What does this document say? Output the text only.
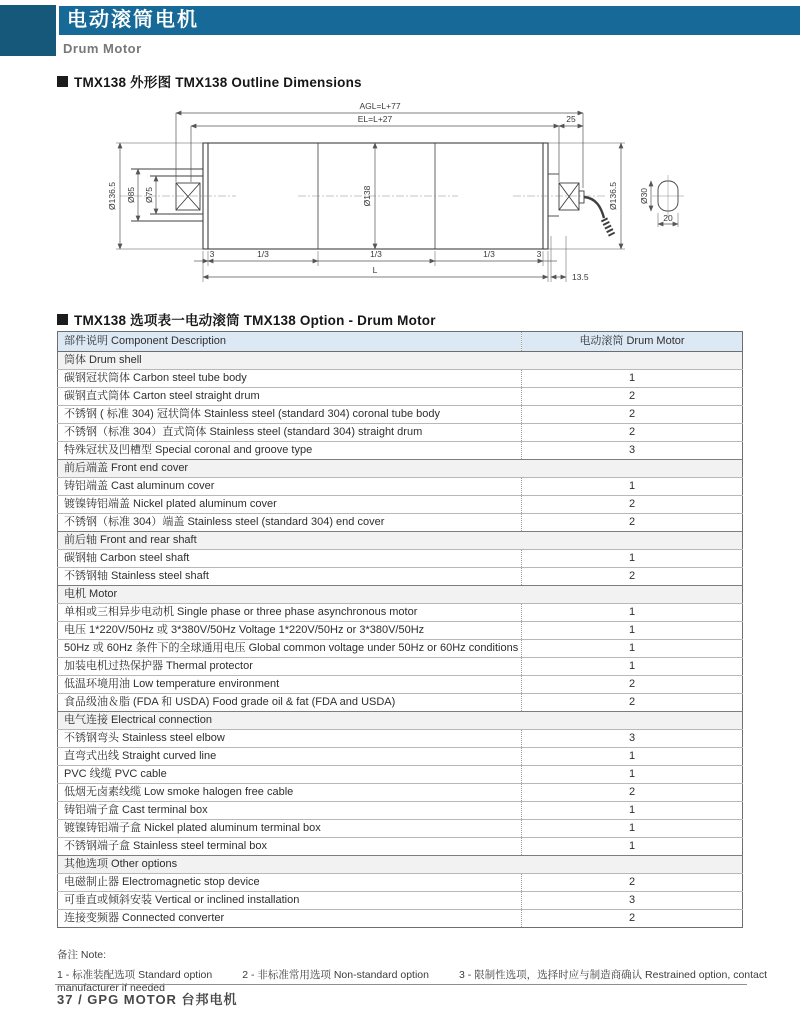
电动滚筒电机
Drum Motor
TMX138 外形图 TMX138 Outline Dimensions
AGL=L+77
EL=L+27	25
Ø136.5 Ø85 Ø75	Ø138	Ø136.5
3	1/3	1/3	1/3	3
L
13.5
Ø30
20
TMX138 选项表一电动滚筒 TMX138 Option - Drum Motor
部件说明 Component Description	电动滚筒 Drum Motor
筒体 Drum shell	
碳钢冠状筒体 Carbon steel tube body	1
碳钢直式筒体 Carton steel straight drum	2
不锈钢 ( 标准 304) 冠状筒体 Stainless steel (standard 304) coronal tube body	2
不锈钢（标准 304）直式筒体 Stainless steel (standard 304) straight drum	2
特殊冠状及凹槽型 Special coronal and groove type	3
前后端盖 Front end cover	
铸铝端盖 Cast aluminum cover	1
镀镍铸铝端盖 Nickel plated aluminum cover	2
不锈钢（标准 304）端盖 Stainless steel (standard 304) end cover	2
前后轴 Front and rear shaft	
碳钢轴 Carbon steel shaft	1
不锈钢轴 Stainless steel shaft	2
电机 Motor	
单相或三相异步电动机 Single phase or three phase asynchronous motor	1
电压 1*220V/50Hz 或 3*380V/50Hz Voltage 1*220V/50Hz or 3*380V/50Hz	1
50Hz 或 60Hz 条件下的全球通用电压 Global common voltage under 50Hz or 60Hz conditions	1
加装电机过热保护器 Thermal protector	1
低温环境用油 Low temperature environment	2
食品级油＆脂 (FDA 和 USDA) Food grade oil & fat (FDA and USDA)	2
电气连接 Electrical connection	
不锈钢弯头 Stainless steel elbow	3
直弯式出线 Straight curved line	1
PVC 线缆 PVC cable	1
低烟无卤素线缆 Low smoke halogen free cable	2
铸铝端子盒 Cast terminal box	1
镀镍铸铝端子盒 Nickel plated aluminum terminal box	1
不锈钢端子盒 Stainless steel terminal box	1
其他选项 Other options	
电磁制止器 Electromagnetic stop device	2
可垂直或倾斜安装 Vertical or inclined installation	3
连接变频器 Connected converter	2
备注 Note:
1 - 标准装配选项 Standard option	2 - 非标准常用选项 Non-standard option	3 - 限制性选项，选择时应与制造商确认 Restrained option, contact manufacturer if needed
37 / GPG MOTOR 台邦电机
